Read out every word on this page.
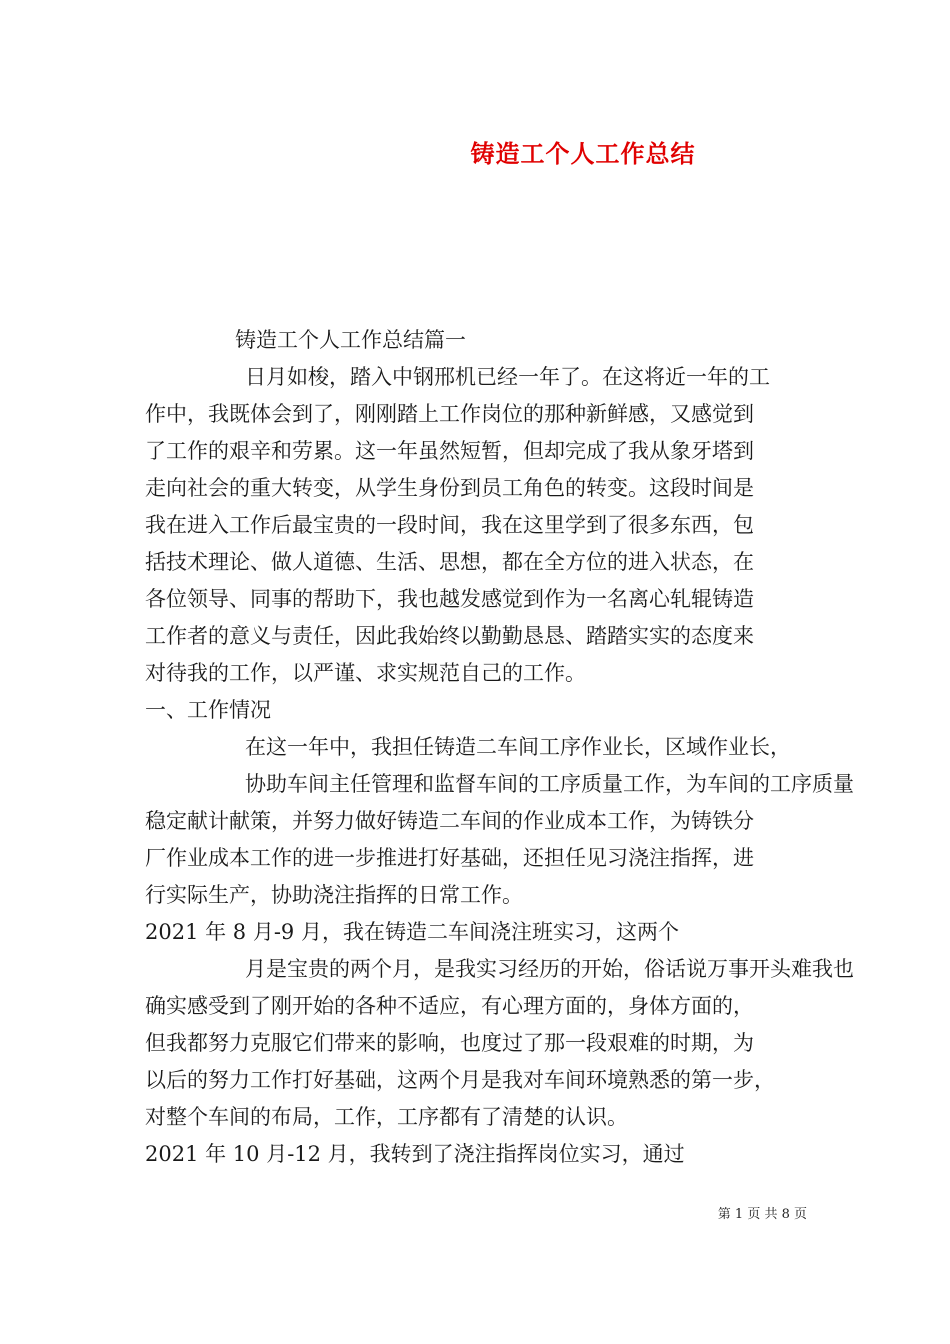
铸造工个人工作总结
铸造工个人工作总结篇一
日月如梭，踏入中钢邢机已经一年了。在这将近一年的工
作中，我既体会到了，刚刚踏上工作岗位的那种新鲜感，又感觉到
了工作的艰辛和劳累。这一年虽然短暂，但却完成了我从象牙塔到
走向社会的重大转变，从学生身份到员工角色的转变。这段时间是
我在进入工作后最宝贵的一段时间，我在这里学到了很多东西，包
括技术理论、做人道德、生活、思想，都在全方位的进入状态，在
各位领导、同事的帮助下，我也越发感觉到作为一名离心轧辊铸造
工作者的意义与责任，因此我始终以勤勤恳恳、踏踏实实的态度来
对待我的工作，以严谨、求实规范自己的工作。
一、工作情况
在这一年中，我担任铸造二车间工序作业长，区域作业长，
协助车间主任管理和监督车间的工序质量工作，为车间的工序质量
稳定献计献策，并努力做好铸造二车间的作业成本工作，为铸铁分
厂作业成本工作的进一步推进打好基础，还担任见习浇注指挥，进
行实际生产，协助浇注指挥的日常工作。
2021 年 8 月-9 月，我在铸造二车间浇注班实习，这两个
月是宝贵的两个月，是我实习经历的开始，俗话说万事开头难我也
确实感受到了刚开始的各种不适应，有心理方面的，身体方面的，
但我都努力克服它们带来的影响，也度过了那一段艰难的时期，为
以后的努力工作打好基础，这两个月是我对车间环境熟悉的第一步，
对整个车间的布局，工作，工序都有了清楚的认识。
2021 年 10 月-12 月，我转到了浇注指挥岗位实习，通过
第 1 页 共 8 页
